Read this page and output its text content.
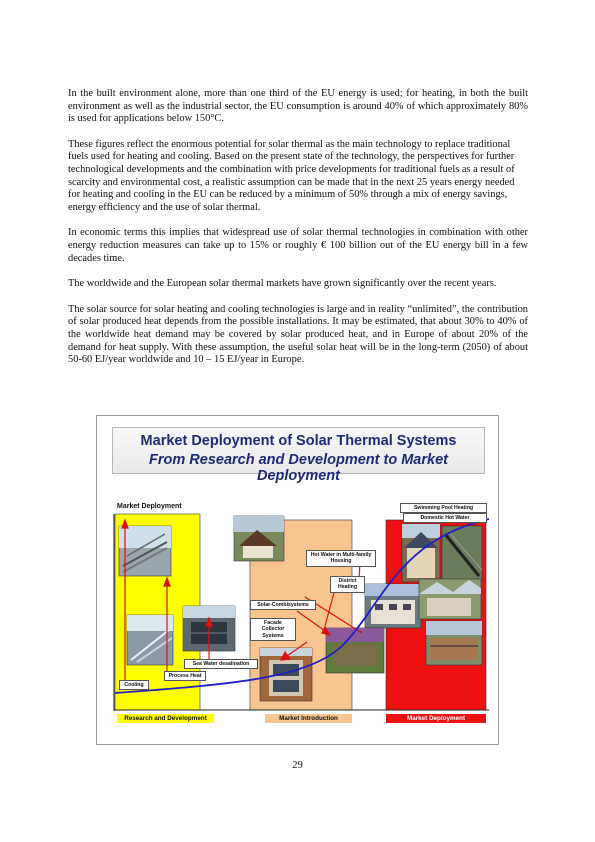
In the built environment alone, more than one third of the EU energy is used; for heating, in both the built environment as well as the industrial sector, the EU consumption is around 40% of which approximately 80% is used for applications below 150°C.

These figures reflect the enormous potential for solar thermal as the main technology to replace traditional fuels used for heating and cooling. Based on the present state of the technology, the perspectives for further technological developments and the combination with price developments for traditional fuels as a result of scarcity and environmental cost, a realistic assumption can be made that in the next 25 years energy needed for heating and cooling in the EU can be reduced by a minimum of 50% through a mix of energy savings, energy efficiency and the use of solar thermal.

In economic terms this implies that widespread use of solar thermal technologies in combination with other energy reduction measures can take up to 15% or roughly € 100 billion out of the EU energy bill in a few decades time.

The worldwide and the European solar thermal markets have grown significantly over the recent years.

The solar source for solar heating and cooling technologies is large and in reality “unlimited”, the contribution of solar produced heat depends from the possible installations. It may be estimated, that about 30% to 40% of the worldwide heat demand may be covered by solar produced heat, and in Europe of about 20% of the demand for heat supply. With these assumption, the useful solar heat will be in the long-term (2050) of about 50-60 EJ/year worldwide and 10 – 15 EJ/year in Europe.

Market Deployment of Solar Thermal Systems
From Research and Development to Market Deployment
Market Deployment
Cooling
Process Heat
Sea Water desalination
Facade Collector Systems
Solar-Combisystems
District Heating
Hot Water in Multi-family Housing
Domestic Hot Water
Swimming Pool Heating
Research and Development	Market Introduction	Market Deployment
29
